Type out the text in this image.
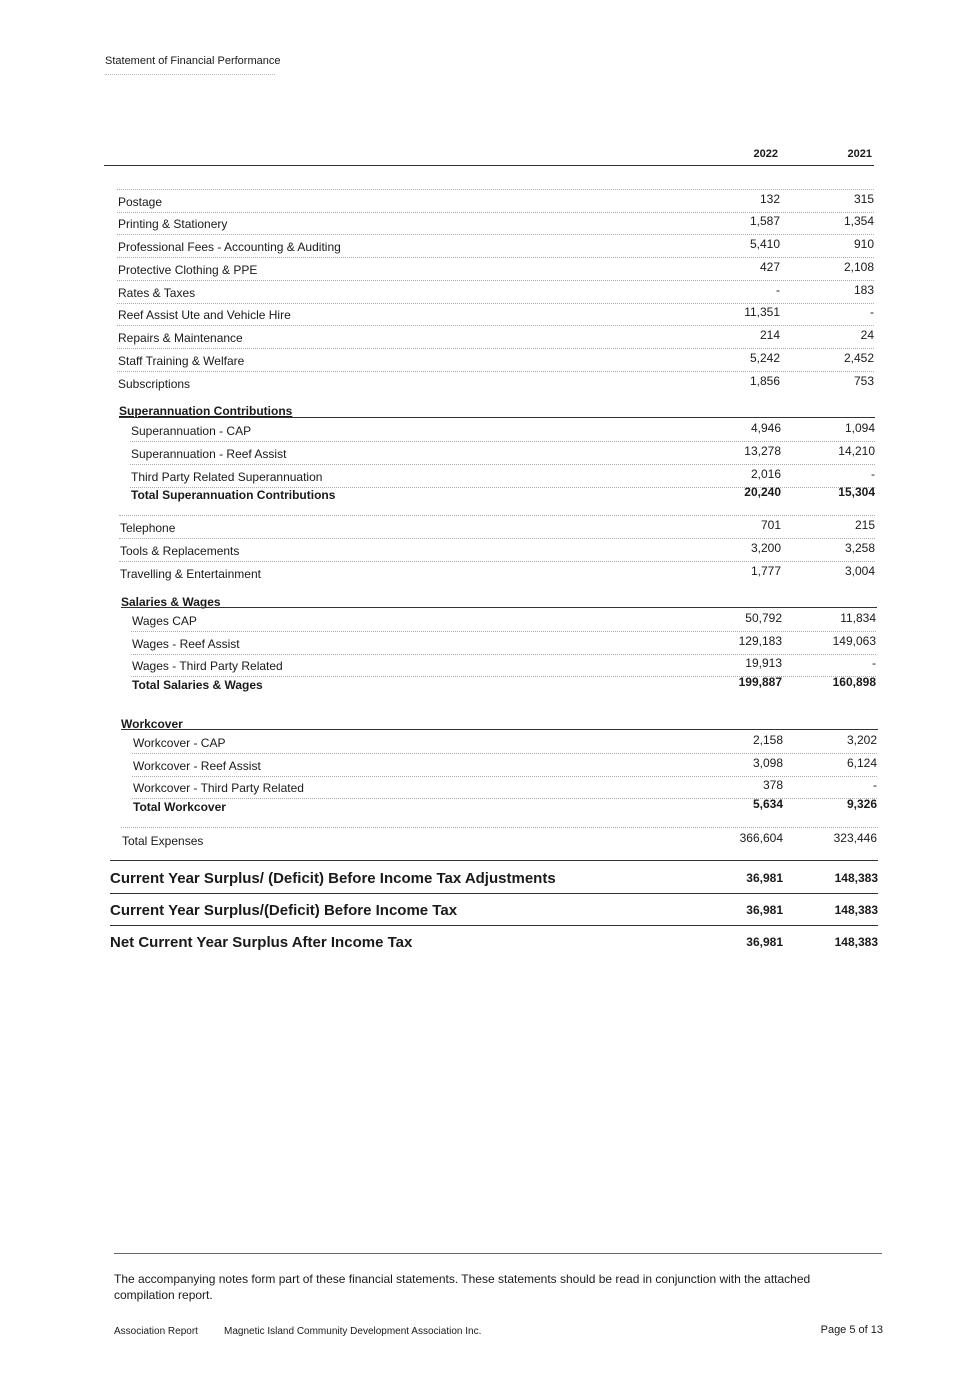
Statement of Financial Performance
2022	2021
Postage	132	315
Printing & Stationery	1,587	1,354
Professional Fees - Accounting & Auditing	5,410	910
Protective Clothing & PPE	427	2,108
Rates & Taxes	-	183
Reef Assist Ute and Vehicle Hire	11,351	-
Repairs & Maintenance	214	24
Staff Training & Welfare	5,242	2,452
Subscriptions	1,856	753
Superannuation Contributions
Superannuation - CAP	4,946	1,094
Superannuation - Reef Assist	13,278	14,210
Third Party Related Superannuation	2,016	-
Total Superannuation Contributions	20,240	15,304
Telephone	701	215
Tools & Replacements	3,200	3,258
Travelling & Entertainment	1,777	3,004
Salaries & Wages
Wages CAP	50,792	11,834
Wages - Reef Assist	129,183	149,063
Wages - Third Party Related	19,913	-
Total Salaries & Wages	199,887	160,898
Workcover
Workcover - CAP	2,158	3,202
Workcover - Reef Assist	3,098	6,124
Workcover - Third Party Related	378	-
Total Workcover	5,634	9,326
Total Expenses	366,604	323,446
Current Year Surplus/ (Deficit) Before Income Tax Adjustments	36,981	148,383
Current Year Surplus/(Deficit) Before Income Tax	36,981	148,383
Net Current Year Surplus After Income Tax	36,981	148,383
The accompanying notes form part of these financial statements. These statements should be read in conjunction with the attached compilation report.
Association Report	Magnetic Island Community Development Association Inc.	Page 5 of 13
